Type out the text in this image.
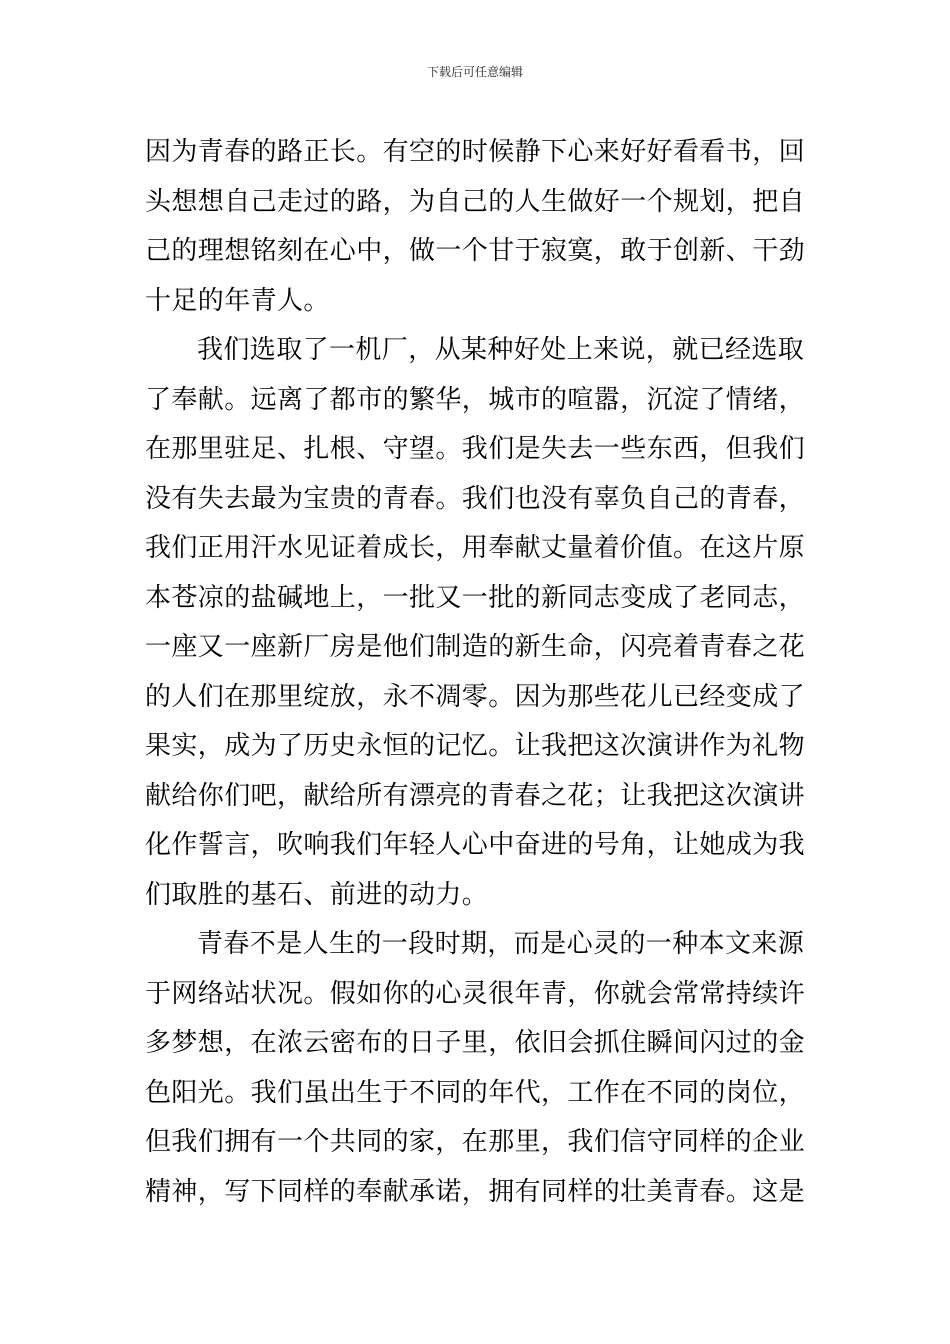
下载后可任意编辑
因为青春的路正长。有空的时候静下心来好好看看书，回
头想想自己走过的路，为自己的人生做好一个规划，把自
己的理想铭刻在心中，做一个甘于寂寞，敢于创新、干劲
十足的年青人。
我们选取了一机厂，从某种好处上来说，就已经选取
了奉献。远离了都市的繁华，城市的喧嚣，沉淀了情绪，
在那里驻足、扎根、守望。我们是失去一些东西，但我们
没有失去最为宝贵的青春。我们也没有辜负自己的青春，
我们正用汗水见证着成长，用奉献丈量着价值。在这片原
本苍凉的盐碱地上，一批又一批的新同志变成了老同志，
一座又一座新厂房是他们制造的新生命，闪亮着青春之花
的人们在那里绽放，永不凋零。因为那些花儿已经变成了
果实，成为了历史永恒的记忆。让我把这次演讲作为礼物
献给你们吧，献给所有漂亮的青春之花；让我把这次演讲
化作誓言，吹响我们年轻人心中奋进的号角，让她成为我
们取胜的基石、前进的动力。
青春不是人生的一段时期，而是心灵的一种本文来源
于网络站状况。假如你的心灵很年青，你就会常常持续许
多梦想，在浓云密布的日子里，依旧会抓住瞬间闪过的金
色阳光。我们虽出生于不同的年代，工作在不同的岗位，
但我们拥有一个共同的家，在那里，我们信守同样的企业
精神，写下同样的奉献承诺，拥有同样的壮美青春。这是
